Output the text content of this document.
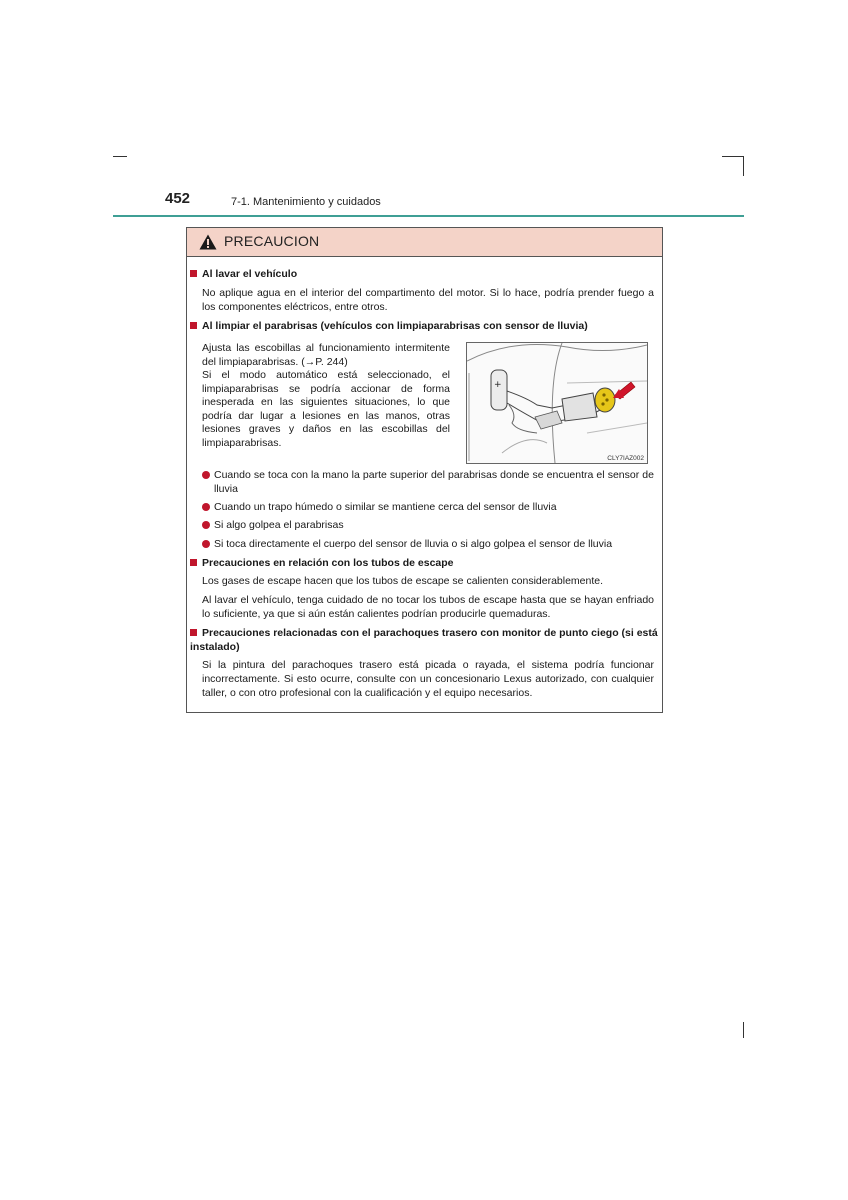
452	7-1. Mantenimiento y cuidados
PRECAUCION
Al lavar el vehículo
No aplique agua en el interior del compartimento del motor. Si lo hace, podría prender fuego a los componentes eléctricos, entre otros.
Al limpiar el parabrisas (vehículos con limpiaparabrisas con sensor de lluvia)
Ajusta las escobillas al funcionamiento intermitente del limpiaparabrisas. (→P. 244)
Si el modo automático está seleccionado, el limpiaparabrisas se podría accionar de forma inesperada en las siguientes situaciones, lo que podría dar lugar a lesiones en las manos, otras lesiones graves y daños en las escobillas del limpiaparabrisas.
+
CLY7IAZ002
Cuando se toca con la mano la parte superior del parabrisas donde se encuentra el sensor de lluvia
Cuando un trapo húmedo o similar se mantiene cerca del sensor de lluvia
Si algo golpea el parabrisas
Si toca directamente el cuerpo del sensor de lluvia o si algo golpea el sensor de lluvia
Precauciones en relación con los tubos de escape
Los gases de escape hacen que los tubos de escape se calienten considerablemente.
Al lavar el vehículo, tenga cuidado de no tocar los tubos de escape hasta que se hayan enfriado lo suficiente, ya que si aún están calientes podrían producirle quemaduras.
Precauciones relacionadas con el parachoques trasero con monitor de punto ciego (si está instalado)
Si la pintura del parachoques trasero está picada o rayada, el sistema podría funcionar incorrectamente. Si esto ocurre, consulte con un concesionario Lexus autorizado, con cualquier taller, o con otro profesional con la cualificación y el equipo necesarios.
